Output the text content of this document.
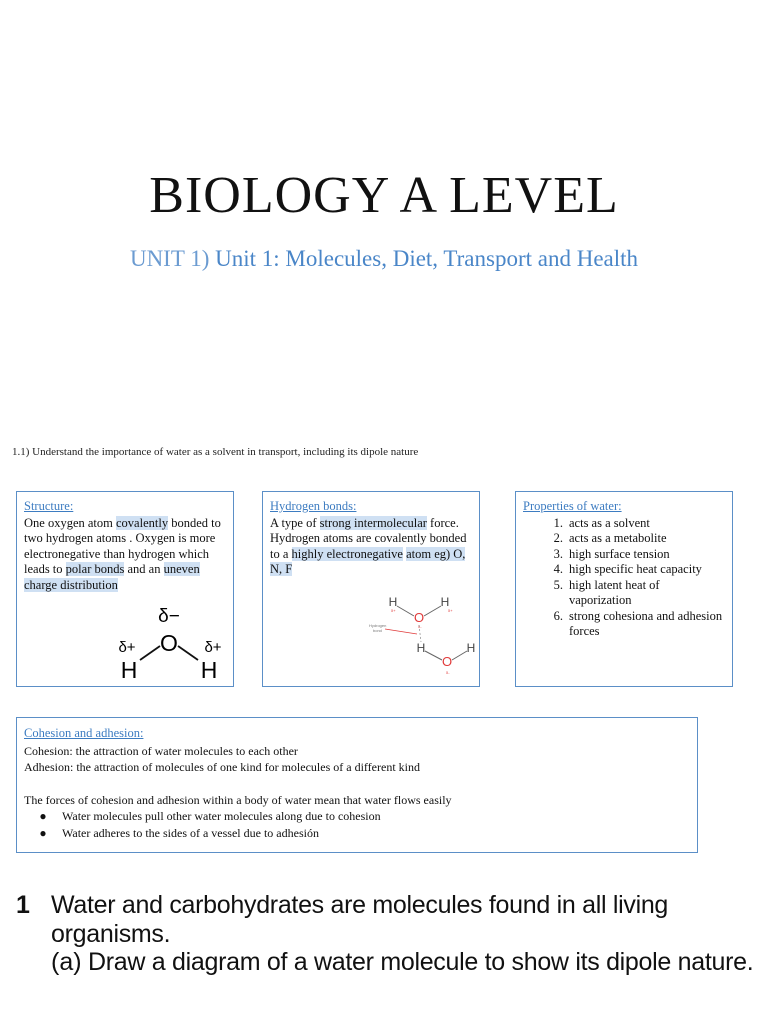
BIOLOGY A LEVEL
UNIT 1) Unit 1: Molecules, Diet, Transport and Health
1.1) Understand the importance of water as a solvent in transport, including its dipole nature
Structure:
One oxygen atom covalently bonded to two hydrogen atoms . Oxygen is more electronegative than hydrogen which leads to polar bonds and an uneven charge distribution
δ−
O
δ+	δ+
H	H
Hydrogen bonds:
A type of strong intermolecular force. Hydrogen atoms are covalently bonded to a highly electronegative atom eg) O, N, F
H	H
O
δ+	δ+
δ-
Hydrogen
bond
H	H
O
δ-
Properties of water:
1 . acts as a solvent
2 . acts as a metabolite
3 . high surface tension
4 . high specific heat capacity
5 . high latent heat of vaporization
6 . strong cohesiona and adhesion forces
Cohesion and adhesion:
Cohesion: the attraction of water molecules to each other
Adhesion: the attraction of molecules of one kind for molecules of a different kind
The forces of cohesion and adhesion within a body of water mean that water flows easily
●	Water molecules pull other water molecules along due to cohesion
●	Water adheres to the sides of a vessel due to adhesión
1 Water and carbohydrates are molecules found in all living organisms.
(a) Draw a diagram of a water molecule to show its dipole nature.
